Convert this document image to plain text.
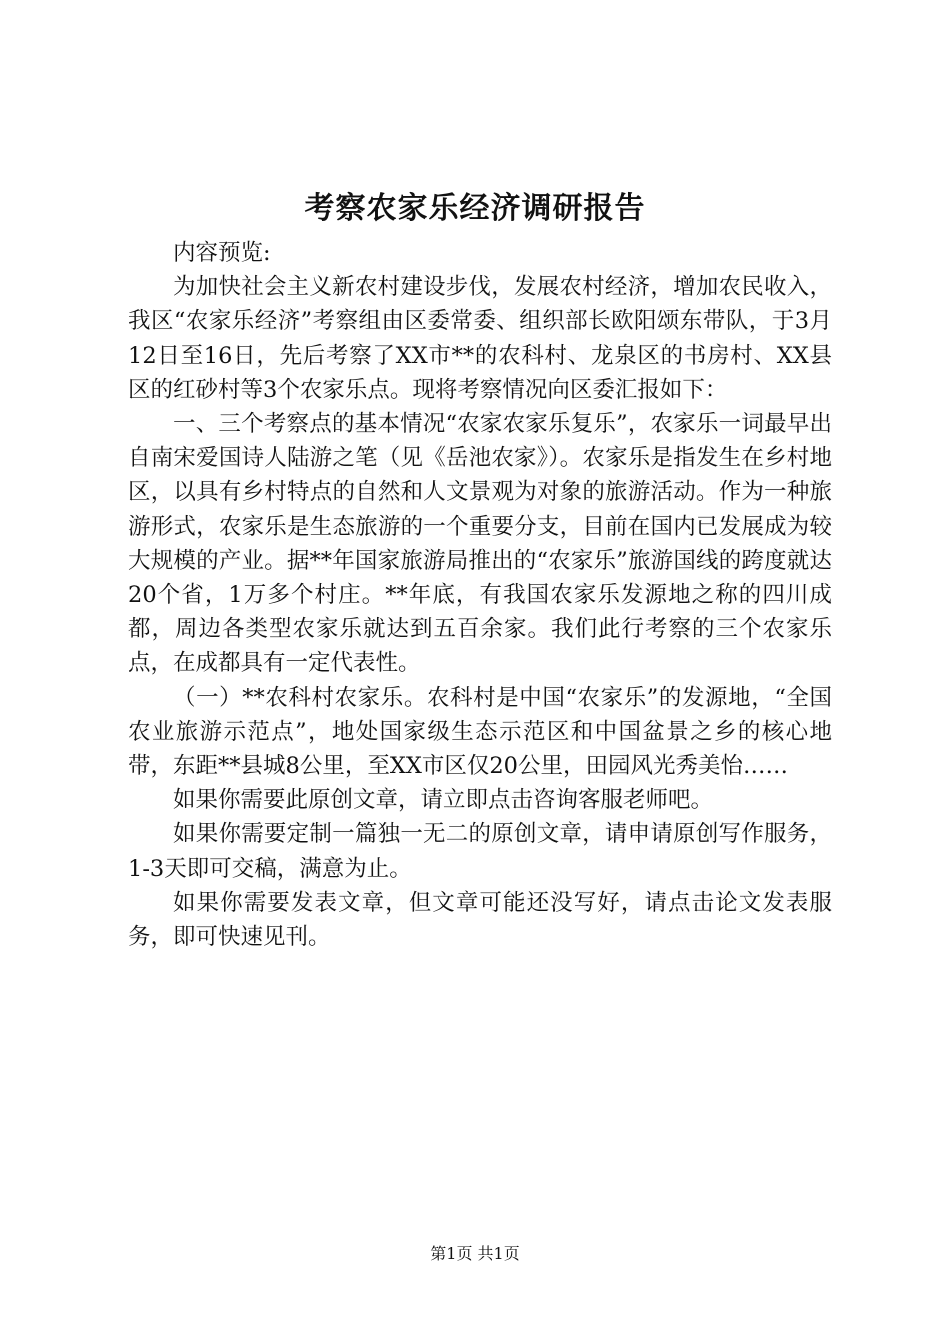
考察农家乐经济调研报告

内容预览:

为加快社会主义新农村建设步伐，发展农村经济，增加农民收入，我区“农家乐经济”考察组由区委常委、组织部长欧阳颂东带队，于3月12日至16日，先后考察了XX市**的农科村、龙泉区的书房村、XX县区的红砂村等3个农家乐点。现将考察情况向区委汇报如下：

一、三个考察点的基本情况“农家农家乐复乐”，农家乐一词最早出自南宋爱国诗人陆游之笔（见《岳池农家》）。农家乐是指发生在乡村地区，以具有乡村特点的自然和人文景观为对象的旅游活动。作为一种旅游形式，农家乐是生态旅游的一个重要分支，目前在国内已发展成为较大规模的产业。据**年国家旅游局推出的“农家乐”旅游国线的跨度就达20个省，1万多个村庄。**年底，有我国农家乐发源地之称的四川成都，周边各类型农家乐就达到五百余家。我们此行考察的三个农家乐点，在成都具有一定代表性。

（一）**农科村农家乐。农科村是中国“农家乐”的发源地，“全国农业旅游示范点”，地处国家级生态示范区和中国盆景之乡的核心地带，东距**县城8公里，至XX市区仅20公里，田园风光秀美怡……

如果你需要此原创文章，请立即点击咨询客服老师吧。

如果你需要定制一篇独一无二的原创文章，请申请原创写作服务，1-3天即可交稿，满意为止。

如果你需要发表文章，但文章可能还没写好，请点击论文发表服务，即可快速见刊。

第1页 共1页
